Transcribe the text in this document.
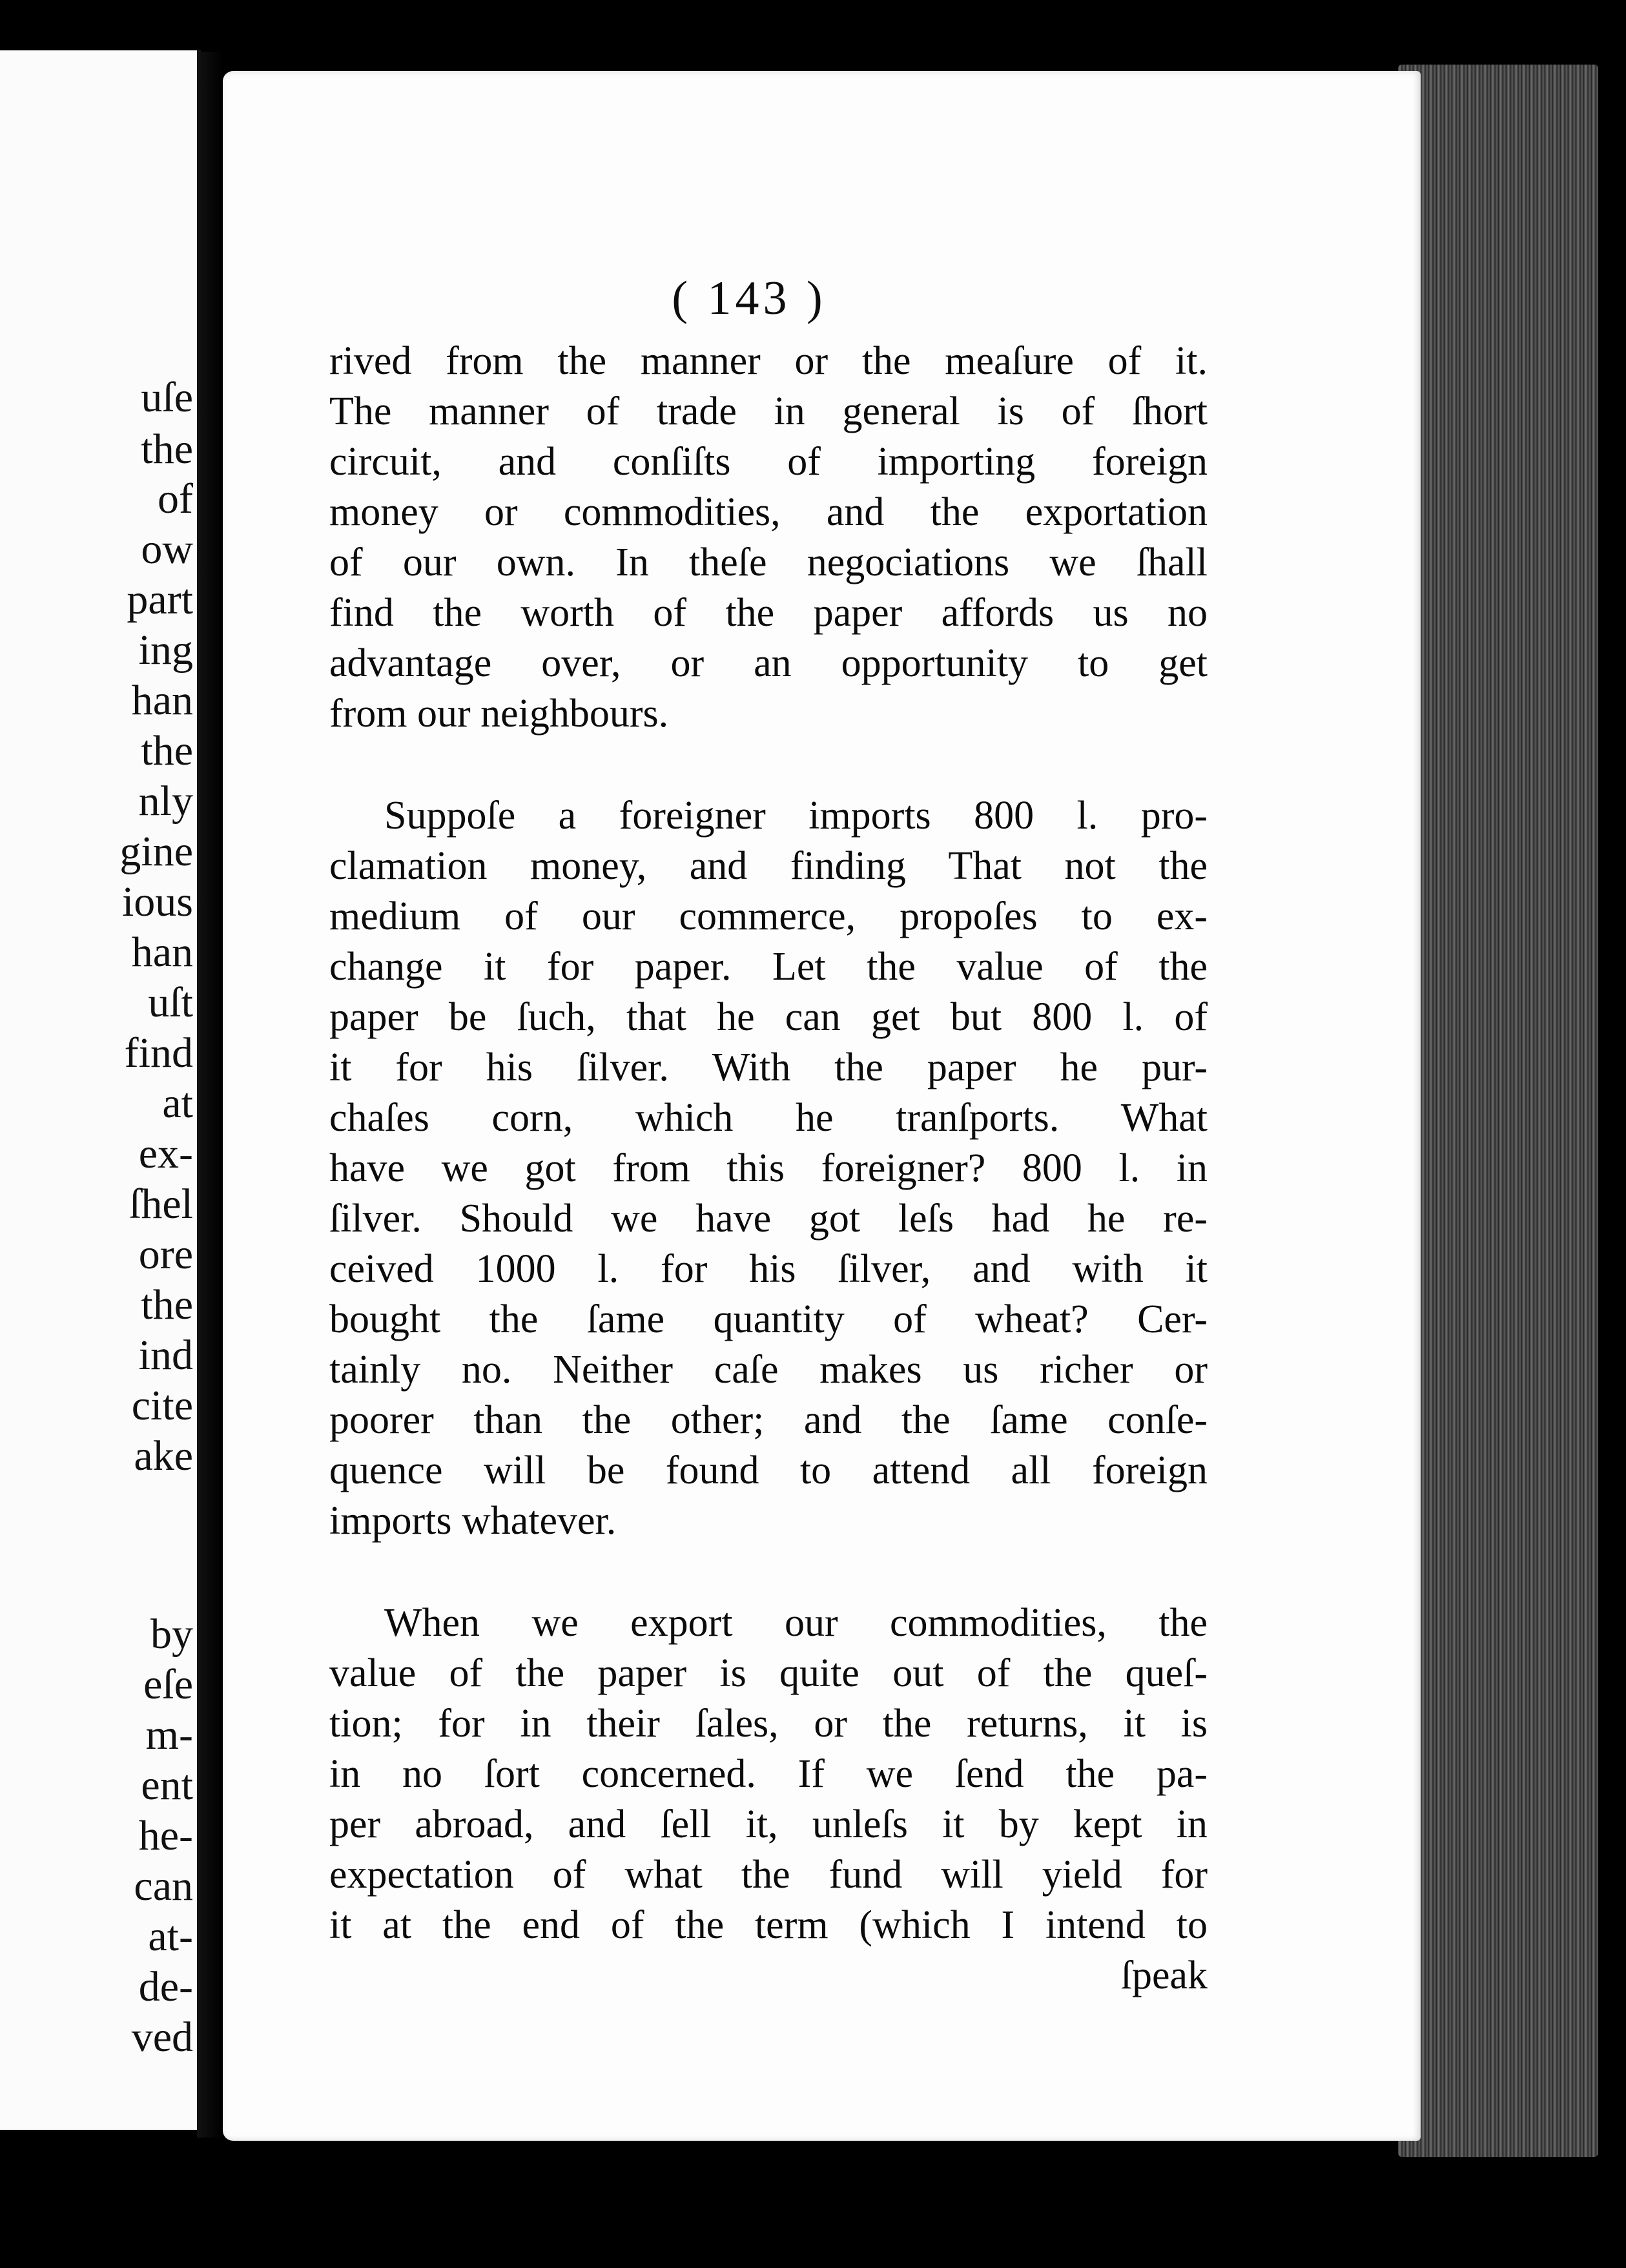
uſe
the
of
ow
part
ing
han
the
nly
gine
ious
han
uſt
find
at
ex-
ſhel
ore
the
ind
cite
ake
by
eſe
m-
ent
he-
can
at-
de-
ved
( 143 )
rived from the manner or the meaſure of it.
The manner of trade in general is of ſhort
circuit, and conſiſts of importing foreign
money or commodities, and the exportation
of our own. In theſe negociations we ſhall
find the worth of the paper affords us no
advantage over, or an opportunity to get
from our neighbours.
Suppoſe a foreigner imports 800 l. pro-
clamation money, and finding That not the
medium of our commerce, propoſes to ex-
change it for paper. Let the value of the
paper be ſuch, that he can get but 800 l. of
it for his ſilver. With the paper he pur-
chaſes corn, which he tranſports. What
have we got from this foreigner? 800 l. in
ſilver. Should we have got leſs had he re-
ceived 1000 l. for his ſilver, and with it
bought the ſame quantity of wheat? Cer-
tainly no. Neither caſe makes us richer or
poorer than the other; and the ſame conſe-
quence will be found to attend all foreign
imports whatever.
When we export our commodities, the
value of the paper is quite out of the queſ-
tion; for in their ſales, or the returns, it is
in no ſort concerned. If we ſend the pa-
per abroad, and ſell it, unleſs it by kept in
expectation of what the fund will yield for
it at the end of the term (which I intend to
ſpeak
